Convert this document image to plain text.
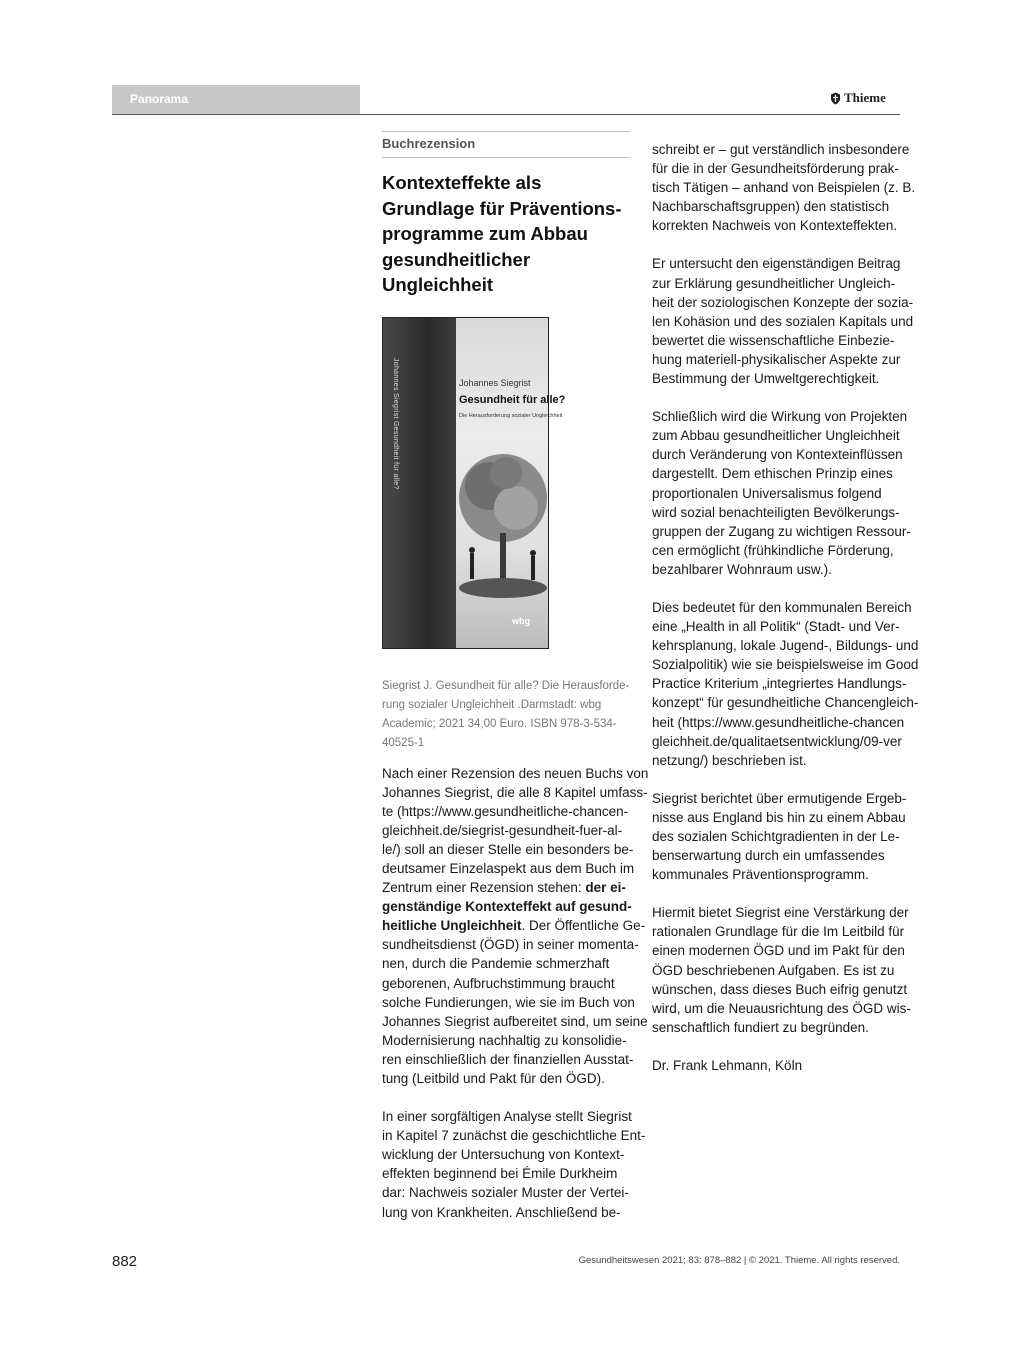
Panorama	Thieme
Buchrezension
Kontexteffekte als
Grundlage für Präventions-
programme zum Abbau
gesundheitlicher
Ungleichheit
Johannes Siegrist Gesundheit für alle?	Johannes Siegrist
Gesundheit für alle?
Die Herausforderung sozialer Ungleichheit
wbg
Siegrist J. Gesundheit für alle? Die Herausforde-
rung sozialer Ungleichheit .Darmstadt: wbg
Academic; 2021 34,00 Euro. ISBN 978-3-534-
40525-1
Nach einer Rezension des neuen Buchs von
Johannes Siegrist, die alle 8 Kapitel umfass-
te (https://www.gesundheitliche-chancen-
gleichheit.de/siegrist-gesundheit-fuer-al-
le/) soll an dieser Stelle ein besonders be-
deutsamer Einzelaspekt aus dem Buch im
Zentrum einer Rezension stehen: der ei-
genständige Kontexteffekt auf gesund-
heitliche Ungleichheit. Der Öffentliche Ge-
sundheitsdienst (ÖGD) in seiner momenta-
nen, durch die Pandemie schmerzhaft
geborenen, Aufbruchstimmung braucht
solche Fundierungen, wie sie im Buch von
Johannes Siegrist aufbereitet sind, um seine
Modernisierung nachhaltig zu konsolidie-
ren einschließlich der finanziellen Ausstat-
tung (Leitbild und Pakt für den ÖGD).
In einer sorgfältigen Analyse stellt Siegrist
in Kapitel 7 zunächst die geschichtliche Ent-
wicklung der Untersuchung von Kontext-
effekten beginnend bei Émile Durkheim
dar: Nachweis sozialer Muster der Vertei-
lung von Krankheiten. Anschließend be-
schreibt er – gut verständlich insbesondere
für die in der Gesundheitsförderung prak-
tisch Tätigen – anhand von Beispielen (z. B.
Nachbarschaftsgruppen) den statistisch
korrekten Nachweis von Kontexteffekten.
Er untersucht den eigenständigen Beitrag
zur Erklärung gesundheitlicher Ungleich-
heit der soziologischen Konzepte der sozia-
len Kohäsion und des sozialen Kapitals und
bewertet die wissenschaftliche Einbezie-
hung materiell-physikalischer Aspekte zur
Bestimmung der Umweltgerechtigkeit.
Schließlich wird die Wirkung von Projekten
zum Abbau gesundheitlicher Ungleichheit
durch Veränderung von Kontexteinflüssen
dargestellt. Dem ethischen Prinzip eines
proportionalen Universalismus folgend
wird sozial benachteiligten Bevölkerungs-
gruppen der Zugang zu wichtigen Ressour-
cen ermöglicht (frühkindliche Förderung,
bezahlbarer Wohnraum usw.).
Dies bedeutet für den kommunalen Bereich
eine „Health in all Politik“ (Stadt- und Ver-
kehrsplanung, lokale Jugend-, Bildungs- und
Sozialpolitik) wie sie beispielsweise im Good
Practice Kriterium „integriertes Handlungs-
konzept“ für gesundheitliche Chancengleich-
heit (https://www.gesundheitliche-chancen
gleichheit.de/qualitaetsentwicklung/09-ver
netzung/) beschrieben ist.
Siegrist berichtet über ermutigende Ergeb-
nisse aus England bis hin zu einem Abbau
des sozialen Schichtgradienten in der Le-
benserwartung durch ein umfassendes
kommunales Präventionsprogramm.
Hiermit bietet Siegrist eine Verstärkung der
rationalen Grundlage für die Im Leitbild für
einen modernen ÖGD und im Pakt für den
ÖGD beschriebenen Aufgaben. Es ist zu
wünschen, dass dieses Buch eifrig genutzt
wird, um die Neuausrichtung des ÖGD wis-
senschaftlich fundiert zu begründen.
Dr. Frank Lehmann, Köln
882	Gesundheitswesen 2021; 83: 878–882 | © 2021. Thieme. All rights reserved.
